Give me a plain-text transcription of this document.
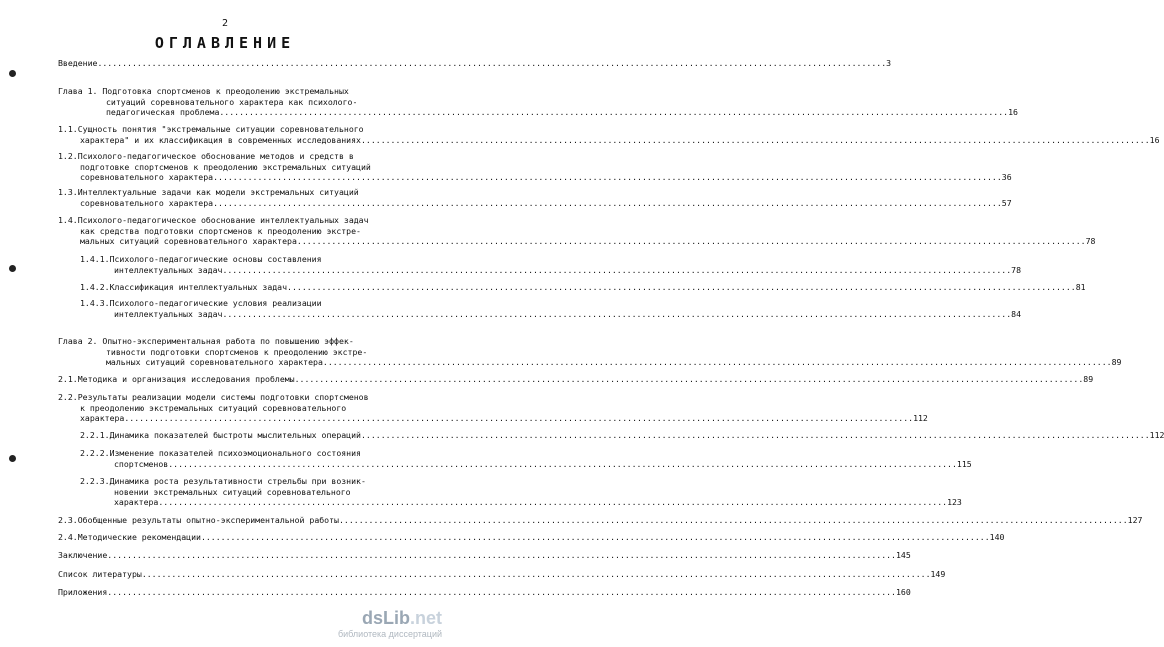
2
ОГЛАВЛЕНИЕ
Введение .....	3
Глава 1. Подготовка спортсменов к преодолению экстремальных
ситуаций соревновательного характера как психолого-
педагогическая проблема .....	16
1.1.Сущность понятия "экстремальные ситуации соревновательного
характера" и их классификация в современных исследованиях .....	16
1.2.Психолого-педагогическое обоснование методов и средств в
подготовке спортсменов к преодолению экстремальных ситуаций
соревновательного характера .....	36
1.3.Интеллектуальные задачи как модели экстремальных ситуаций
соревновательного характера .....	57
1.4.Психолого-педагогическое обоснование интеллектуальных задач
как средства подготовки спортсменов к преодолению экстре-
мальных ситуаций соревновательного характера .....	78
1.4.1.Психолого-педагогические основы составления
интеллектуальных задач .....	78
1.4.2.Классификация интеллектуальных задач .....	81
1.4.3.Психолого-педагогические условия реализации
интеллектуальных задач .....	84
Глава 2. Опытно-экспериментальная работа по повышению эффек-
тивности подготовки спортсменов к преодолению экстре-
мальных ситуаций соревновательного характера .....	89
2.1.Методика и организация исследования проблемы .....	89
2.2.Результаты реализации модели системы подготовки спортсменов
к преодолению экстремальных ситуаций соревновательного
характера .....	112
2.2.1.Динамика показателей быстроты мыслительных операций .....	112
2.2.2.Изменение показателей психоэмоционального состояния
спортсменов .....	115
2.2.3.Динамика роста результативности стрельбы при возник-
новении экстремальных ситуаций соревновательного
характера .....	123
2.3.Обобщенные результаты опытно-экспериментальной работы .....	127
2.4.Методические рекомендации .....	140
Заключение .....	145
Список литературы .....	149
Приложения .....	160
dsLib.net
библиотека диссертаций
